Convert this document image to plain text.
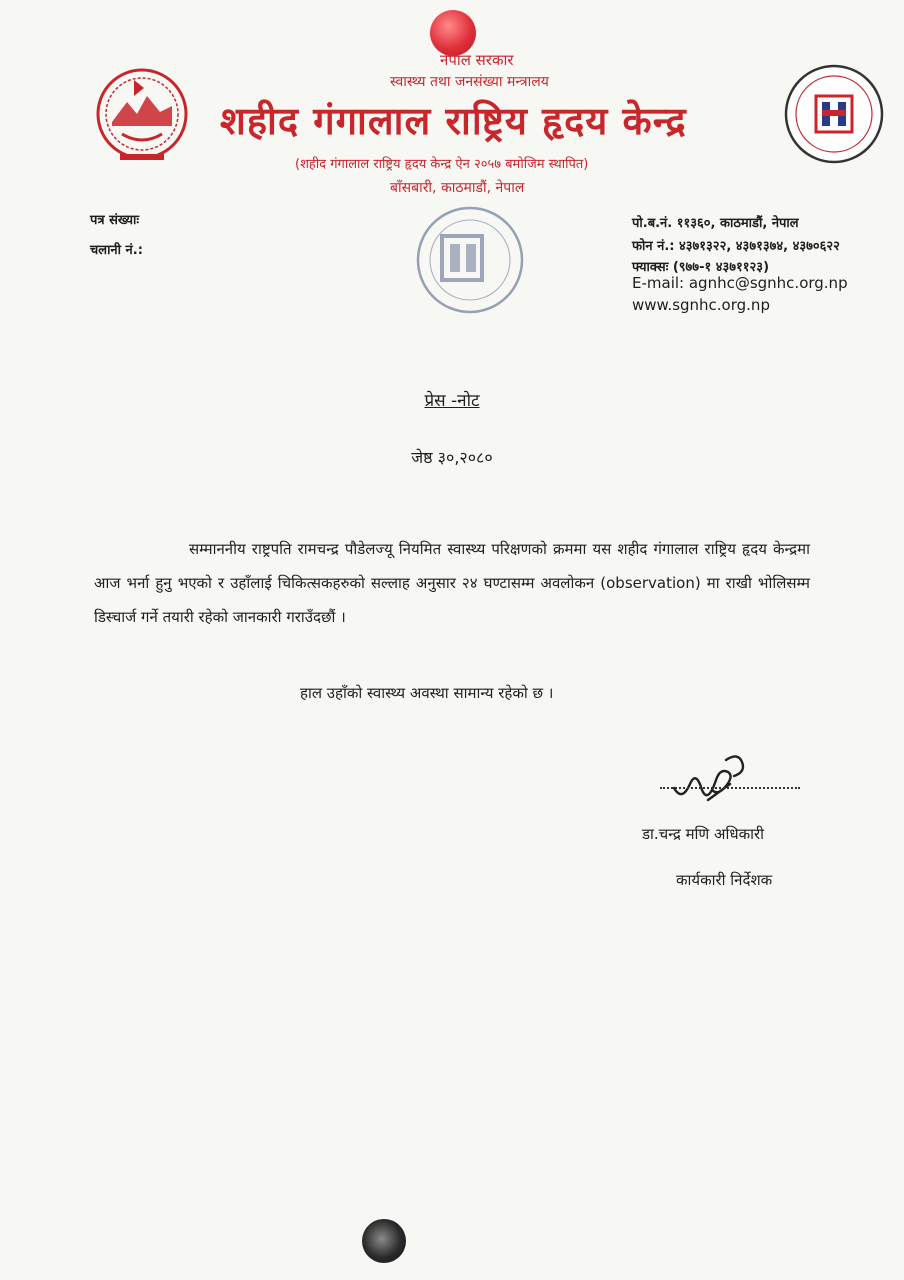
नेपाल सरकार
स्वास्थ्य तथा जनसंख्या मन्त्रालय
शहीद गंगालाल राष्ट्रिय हृदय केन्द्र
(शहीद गंगालाल राष्ट्रिय हृदय केन्द्र ऐन २०५७ बमोजिम स्थापित)
बाँसबारी, काठमाडौं, नेपाल
पत्र संख्याः
चलानी नं.:
पो.ब.नं. ११३६०, काठमाडौं, नेपाल
फोन नं.: ४३७१३२२, ४३७१३७४, ४३७०६२२
फ्याक्सः (९७७-१ ४३७११२३)
E-mail: agnhc@sgnhc.org.np
www.sgnhc.org.np
प्रेस -नोट
जेष्ठ ३०,२०८०

सम्माननीय राष्ट्रपति रामचन्द्र पौडेलज्यू नियमित स्वास्थ्य परिक्षणको क्रममा यस शहीद गंगालाल राष्ट्रिय हृदय केन्द्रमा आज भर्ना हुनु भएको र उहाँलाई चिकित्सकहरुको सल्लाह अनुसार २४ घण्टासम्म अवलोकन (observation) मा राखी भोलिसम्म डिस्चार्ज गर्ने तयारी रहेको जानकारी गराउँदछौं ।

हाल उहाँको स्वास्थ्य अवस्था सामान्य रहेको छ ।
डा.चन्द्र मणि अधिकारी
कार्यकारी निर्देशक
